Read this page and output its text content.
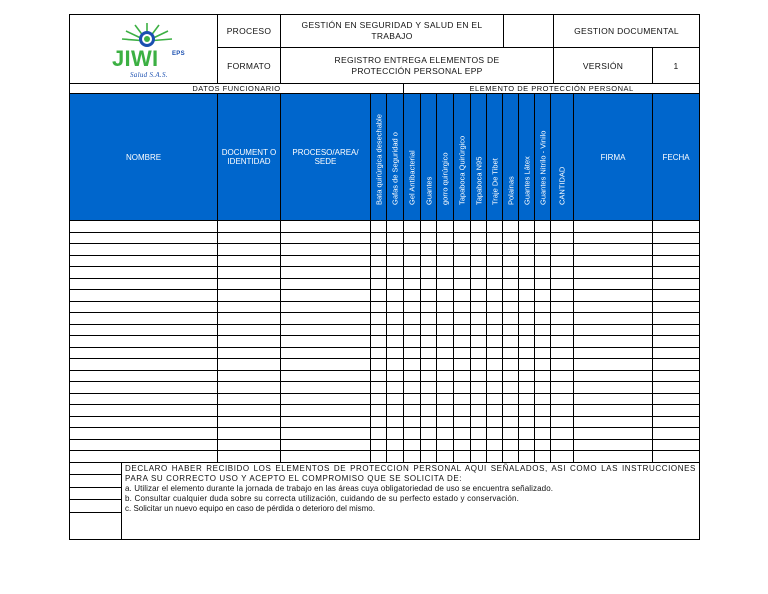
JIWI EPS
Salud S.A.S.	PROCESO	GESTIÓN EN SEGURIDAD Y SALUD EN EL TRABAJO		GESTION DOCUMENTAL	
	FORMATO	REGISTRO ENTREGA ELEMENTOS DE PROTECCIÓN PERSONAL EPP		VERSIÓN	1
DATOS FUNCIONARIO					ELEMENTO DE PROTECCIÓN PERSONAL											
NOMBRE	DOCUMENT O IDENTIDAD	PROCESO/AREA/ SEDE	Bata quirúrgica desechable	Gafas de Seguridad o	Gel Antibacterial	Guantes	gorro quirúrgico	Tapaboca Quirúrgico	Tapaboca N95	Traje De Tibet	Polainas	Guantes Látex	Guantes Nitrilo - Vinilo	CANTIDAD	FIRMA	FECHA

DECLARO HABER RECIBIDO LOS ELEMENTOS DE PROTECCION PERSONAL AQUI SEÑALADOS, ASI COMO LAS INSTRUCCIONES PARA SU CORRECTO USO Y ACEPTO EL COMPROMISO QUE SE SOLICITA DE:
a. Utilizar el elemento durante la jornada de trabajo en las áreas cuya obligatoriedad de uso se encuentra señalizado.
b. Consultar cualquier duda sobre su correcta utilización, cuidando de su perfecto estado y conservación.
c. Solicitar un nuevo equipo en caso de pérdida o deterioro del mismo.
